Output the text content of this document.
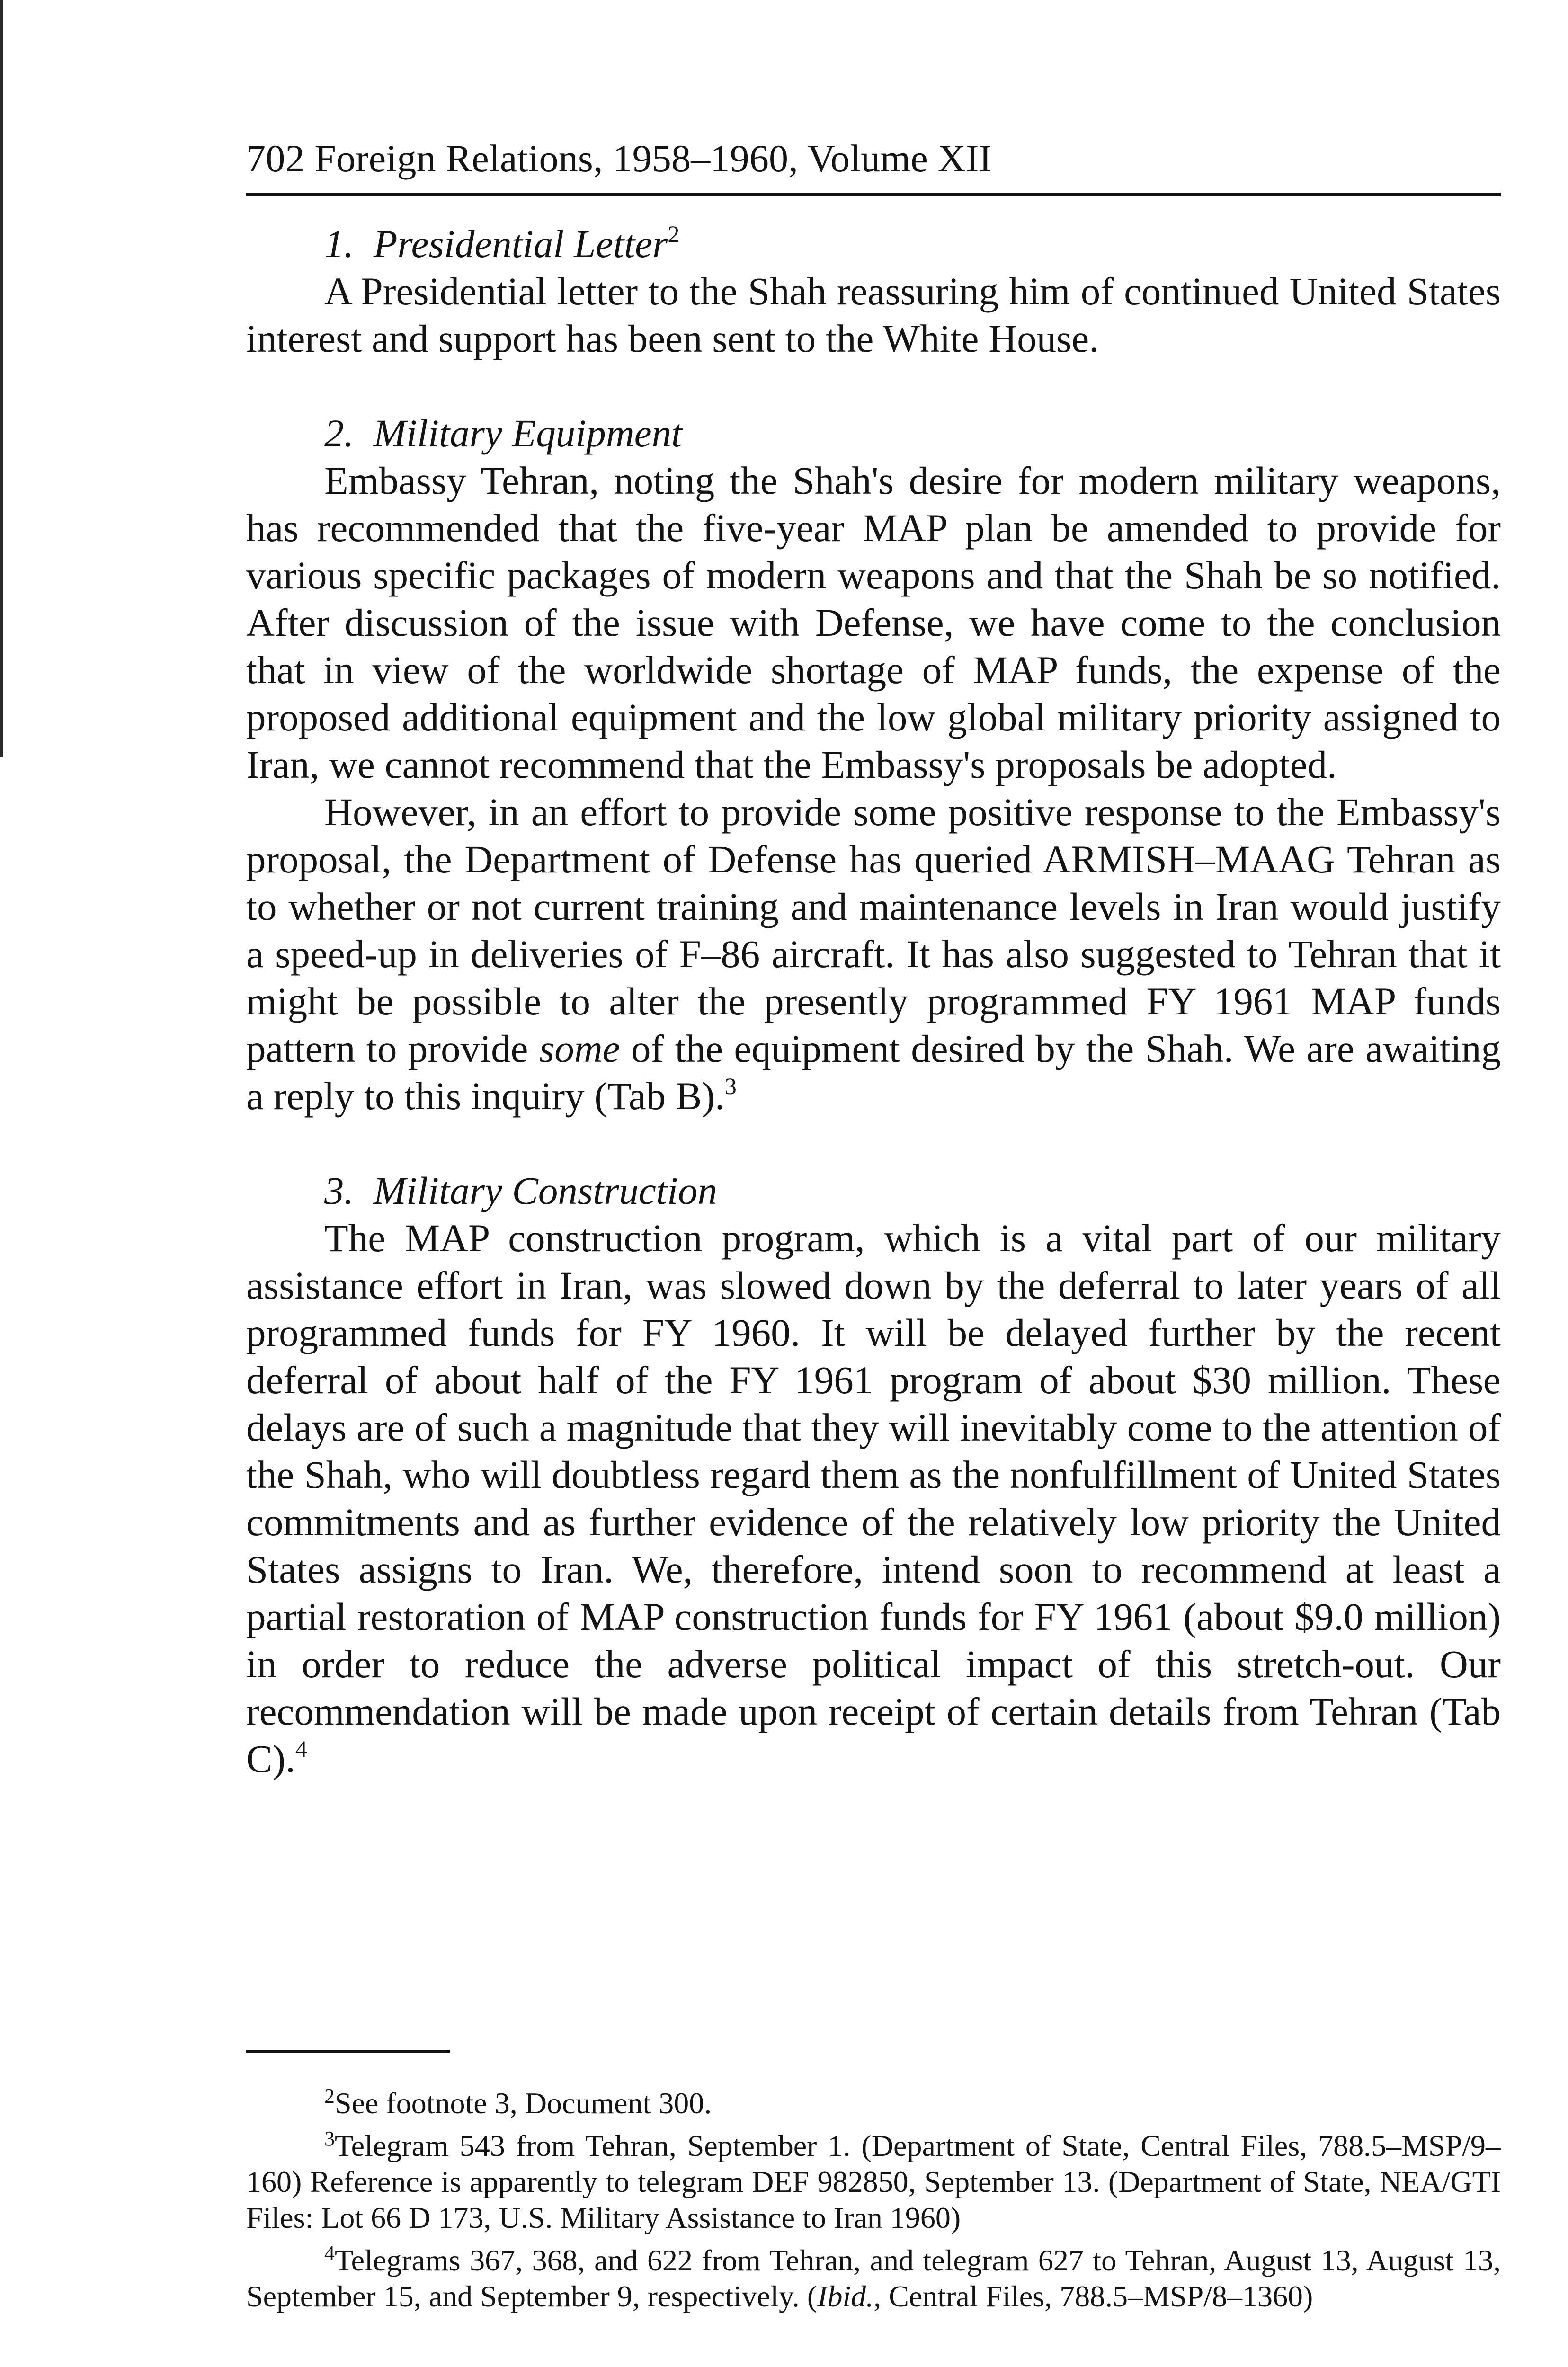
702 Foreign Relations, 1958–1960, Volume XII
1. Presidential Letter$^2$

A Presidential letter to the Shah reassuring him of continued United States interest and support has been sent to the White House.

2. Military Equipment

Embassy Tehran, noting the Shah's desire for modern military weapons, has recommended that the five-year MAP plan be amended to provide for various specific packages of modern weapons and that the Shah be so notified. After discussion of the issue with Defense, we have come to the conclusion that in view of the worldwide shortage of MAP funds, the expense of the proposed additional equipment and the low global military priority assigned to Iran, we cannot recommend that the Embassy's proposals be adopted.

However, in an effort to provide some positive response to the Embassy's proposal, the Department of Defense has queried ARMISH–MAAG Tehran as to whether or not current training and maintenance levels in Iran would justify a speed-up in deliveries of F–86 aircraft. It has also suggested to Tehran that it might be possible to alter the presently programmed FY 1961 MAP funds pattern to provide some of the equipment desired by the Shah. We are awaiting a reply to this inquiry (Tab B).$^3$

3. Military Construction

The MAP construction program, which is a vital part of our military assistance effort in Iran, was slowed down by the deferral to later years of all programmed funds for FY 1960. It will be delayed further by the recent deferral of about half of the FY 1961 program of about $30 million. These delays are of such a magnitude that they will inevitably come to the attention of the Shah, who will doubtless regard them as the nonfulfillment of United States commitments and as further evidence of the relatively low priority the United States assigns to Iran. We, therefore, intend soon to recommend at least a partial restoration of MAP construction funds for FY 1961 (about $9.0 million) in order to reduce the adverse political impact of this stretch-out. Our recommendation will be made upon receipt of certain details from Tehran (Tab C).$^4$

$^2$See footnote 3, Document 300.

$^3$Telegram 543 from Tehran, September 1. (Department of State, Central Files, 788.5–MSP/9–160) Reference is apparently to telegram DEF 982850, September 13. (Department of State, NEA/GTI Files: Lot 66 D 173, U.S. Military Assistance to Iran 1960)

$^4$Telegrams 367, 368, and 622 from Tehran, and telegram 627 to Tehran, August 13, August 13, September 15, and September 9, respectively. (Ibid., Central Files, 788.5–MSP/8–1360)
